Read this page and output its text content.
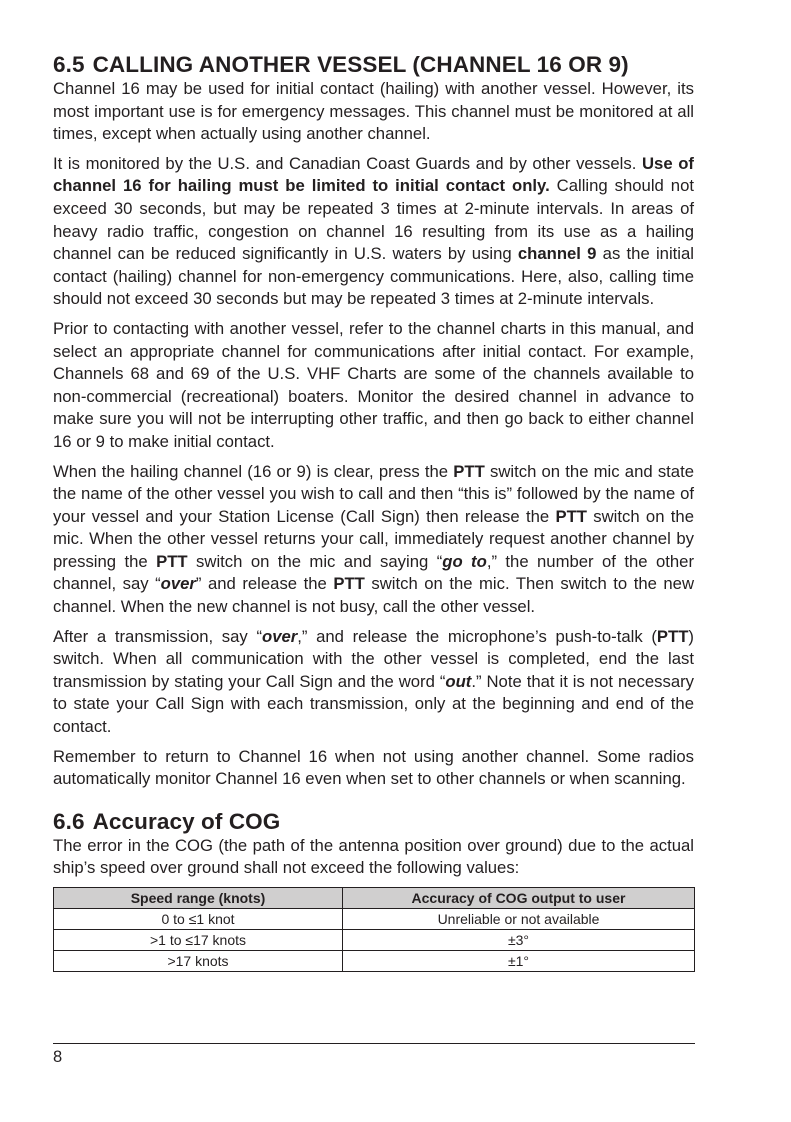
6.5 CALLING ANOTHER VESSEL (CHANNEL 16 OR 9)

Channel 16 may be used for initial contact (hailing) with another vessel. However, its most important use is for emergency messages. This channel must be monitored at all times, except when actually using another channel.

It is monitored by the U.S. and Canadian Coast Guards and by other vessels. Use of channel 16 for hailing must be limited to initial contact only. Calling should not exceed 30 seconds, but may be repeated 3 times at 2-minute intervals. In areas of heavy radio traffic, congestion on channel 16 resulting from its use as a hailing channel can be reduced significantly in U.S. waters by using channel 9 as the initial contact (hailing) channel for non-emergency communications. Here, also, calling time should not exceed 30 seconds but may be repeated 3 times at 2-minute intervals.

Prior to contacting with another vessel, refer to the channel charts in this manual, and select an appropriate channel for communications after initial contact. For example, Channels 68 and 69 of the U.S. VHF Charts are some of the channels available to non-commercial (recreational) boaters. Monitor the desired channel in advance to make sure you will not be interrupting other traffic, and then go back to either channel 16 or 9 to make initial contact.

When the hailing channel (16 or 9) is clear, press the PTT switch on the mic and state the name of the other vessel you wish to call and then “this is” followed by the name of your vessel and your Station License (Call Sign) then release the PTT switch on the mic. When the other vessel returns your call, immediately request another channel by pressing the PTT switch on the mic and saying “go to,” the number of the other channel, say “over” and release the PTT switch on the mic. Then switch to the new channel. When the new channel is not busy, call the other vessel.

After a transmission, say “over,” and release the microphone’s push-to-talk (PTT) switch. When all communication with the other vessel is completed, end the last transmission by stating your Call Sign and the word “out.” Note that it is not necessary to state your Call Sign with each transmission, only at the beginning and end of the contact.

Remember to return to Channel 16 when not using another channel. Some radios automatically monitor Channel 16 even when set to other channels or when scanning.

6.6 Accuracy of COG

The error in the COG (the path of the antenna position over ground) due to the actual ship’s speed over ground shall not exceed the following values:

Speed range (knots)	Accuracy of COG output to user
0 to ≤1 knot	Unreliable or not available
>1 to ≤17 knots	±3°
>17 knots	±1°
8
